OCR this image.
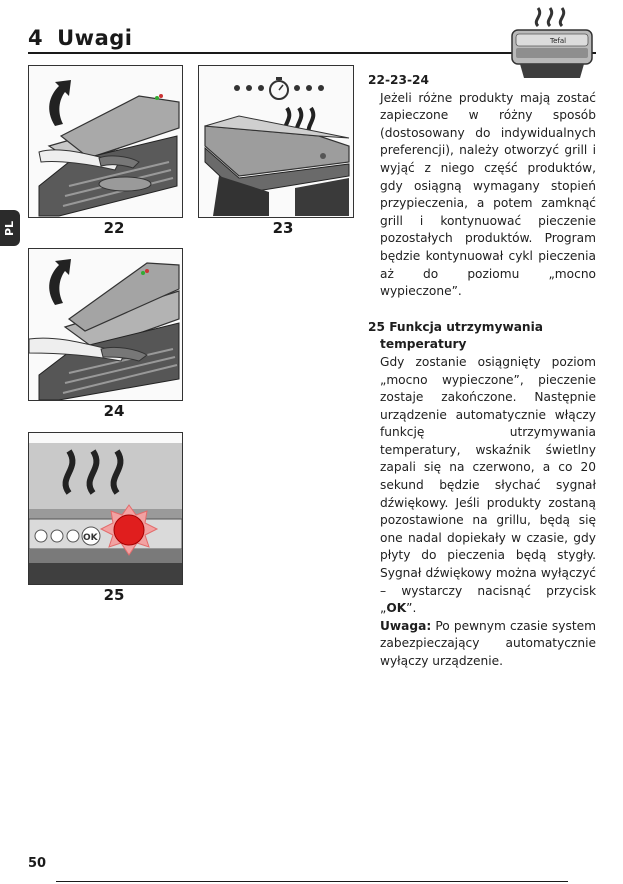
4 Uwagi	Tefal
PL	22	23
24
OK
25
22-23-24
Jeżeli różne produkty mają zostać zapieczone w różny sposób (dostosowany do indywidualnych preferencji), należy otworzyć grill i wyjąć z niego część produktów, gdy osiągną wymagany stopień przypieczenia, a potem zamknąć grill i kontynuować pieczenie pozostałych produktów. Program będzie kontynuował cykl pieczenia aż do poziomu „mocno wypieczone”.
25 Funkcja utrzymywania
temperatury
Gdy zostanie osiągnięty poziom „mocno wypieczone”, pieczenie zostaje zakończone. Następnie urządzenie automatycznie włączy funkcję utrzymywania temperatury, wskaźnik świetlny zapali się na czerwono, a co 20 sekund będzie słychać sygnał dźwiękowy. Jeśli produkty zostaną pozostawione na grillu, będą się one nadal dopiekały w czasie, gdy płyty do pieczenia będą stygły. Sygnał dźwiękowy można wyłączyć – wystarczy nacisnąć przycisk „OK”.
Uwaga: Po pewnym czasie system zabezpieczający automatycznie wyłączy urządzenie.
50
